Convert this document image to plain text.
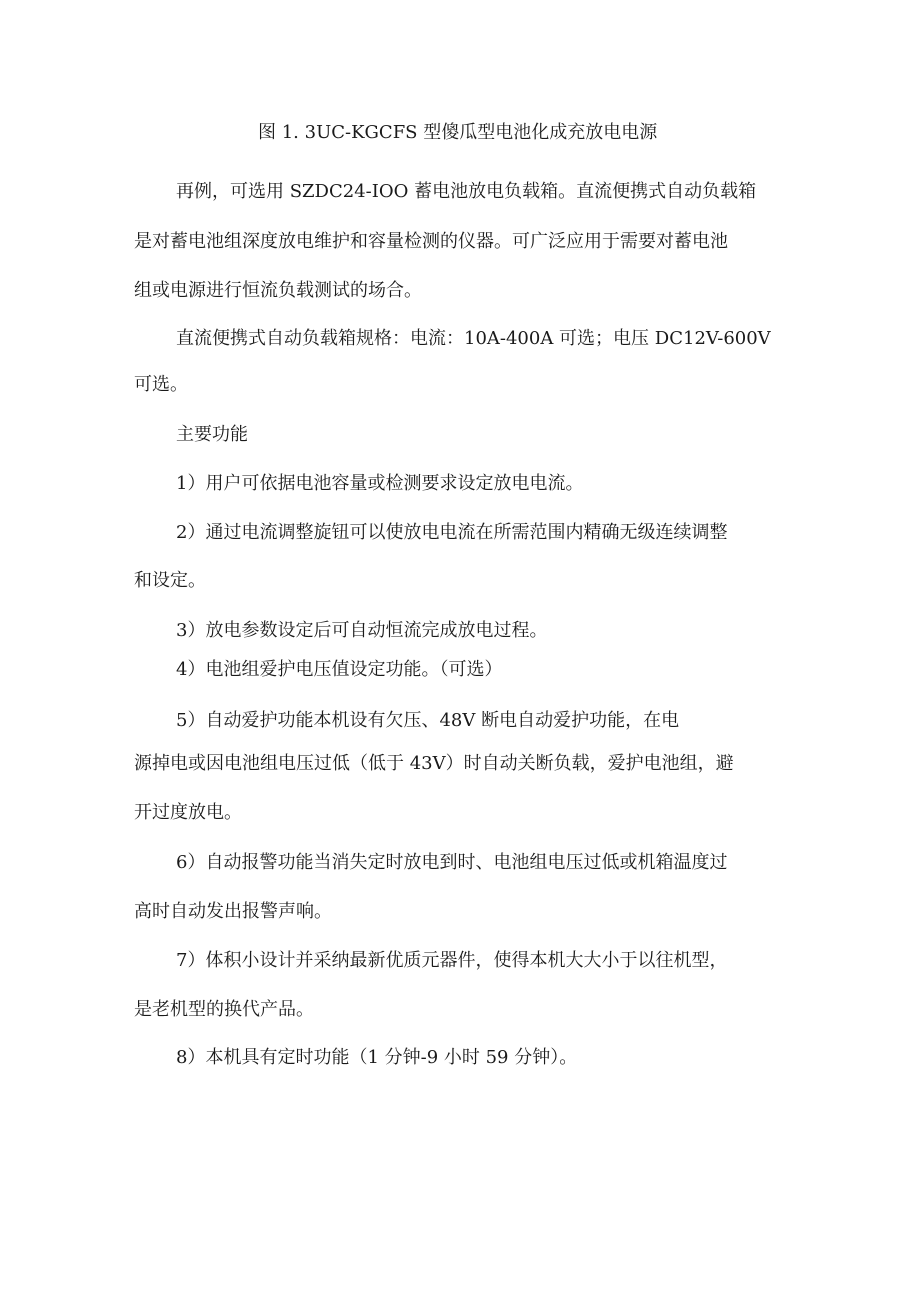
图 1. 3UC-KGCFS 型傻瓜型电池化成充放电电源

再例，可选用 SZDC24-IOO 蓄电池放电负载箱。直流便携式自动负载箱

是对蓄电池组深度放电维护和容量检测的仪器。可广泛应用于需要对蓄电池

组或电源进行恒流负载测试的场合。

直流便携式自动负载箱规格：电流：10A-400A 可选；电压 DC12V-600V

可选。

主要功能

1）用户可依据电池容量或检测要求设定放电电流。

2）通过电流调整旋钮可以使放电电流在所需范围内精确无级连续调整

和设定。

3）放电参数设定后可自动恒流完成放电过程。

4）电池组爱护电压值设定功能。（可选）

5）自动爱护功能本机设有欠压、48V 断电自动爱护功能，在电

源掉电或因电池组电压过低（低于 43V）时自动关断负载，爱护电池组，避

开过度放电。

6）自动报警功能当消失定时放电到时、电池组电压过低或机箱温度过

高时自动发出报警声响。

7）体积小设计并采纳最新优质元器件，使得本机大大小于以往机型，

是老机型的换代产品。

8）本机具有定时功能（1 分钟-9 小时 59 分钟）。
